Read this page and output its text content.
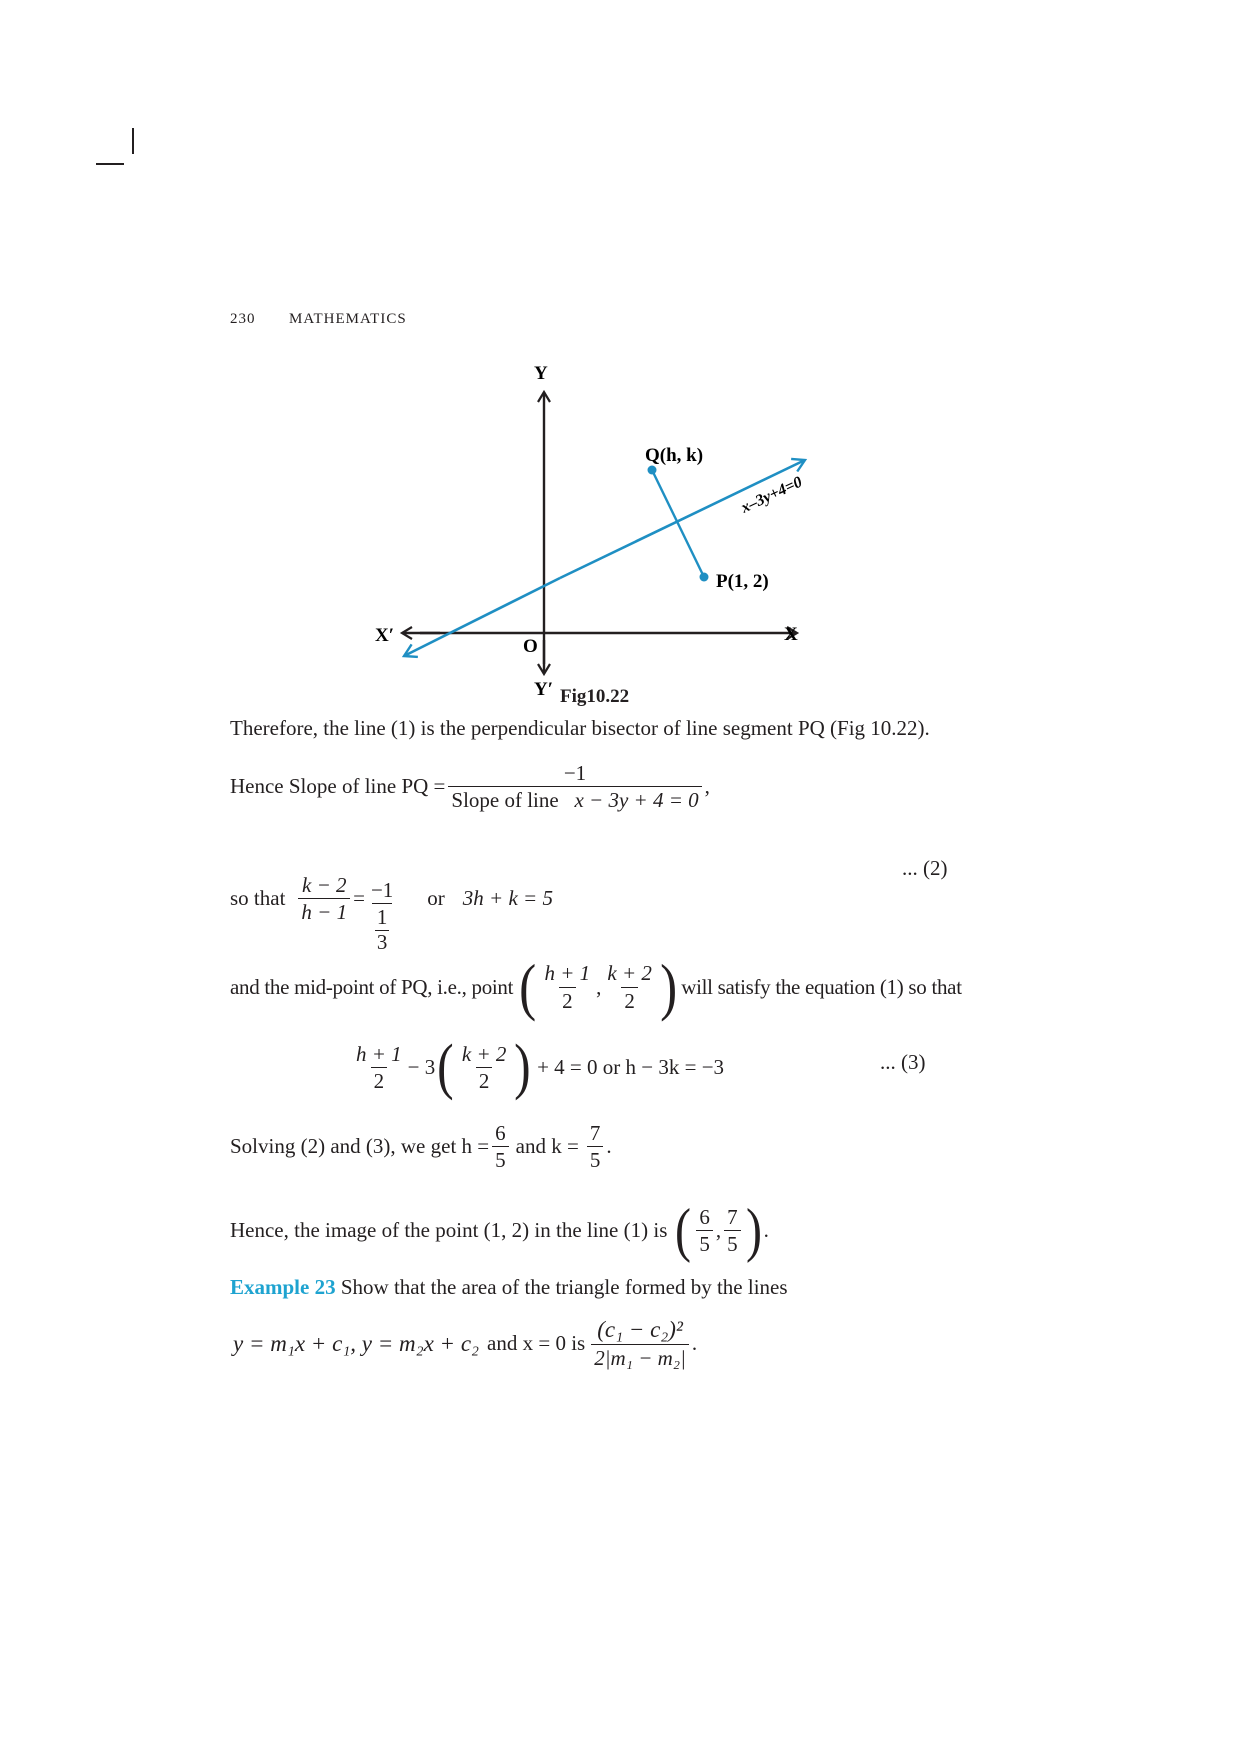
230 MATHEMATICS
Y
Y′
X
X′
O
Q(h, k)
P(1, 2)
x–3y+4=0
Fig10.22
Therefore, the line (1) is the perpendicular bisector of line segment PQ (Fig 10.22).
Hence Slope of line PQ = $\frac{-1}{\text{Slope of line x − 3y + 4 = 0}}$ ,
so that $\frac{k - 2}{h - 1} = \frac{-1}{\frac{1}{3}}$ or 3h + k = 5
... (2)
and the mid-point of PQ, i.e., point ( $\frac{h + 1}{2}$ , $\frac{k + 2}{2}$ ) will satisfy the equation (1) so that
$\frac{h + 1}{2} - 3$ ( $\frac{k + 2}{2}$ ) + 4 = 0 or h − 3k = −3	... (3)
Solving (2) and (3), we get $h = \frac{6}{5}$ and $k = \frac{7}{5}$ .
Hence, the image of the point (1, 2) in the line (1) is ( $\frac{6}{5}$ , $\frac{7}{5}$ ) .
Example 23 Show that the area of the triangle formed by the lines
y = m₁x + c₁, y = m₂x + c₂ and x = 0 is $\frac{\text{(c₁ − c₂)²}}{\text{2|m₁ − m₂|}}$ .
